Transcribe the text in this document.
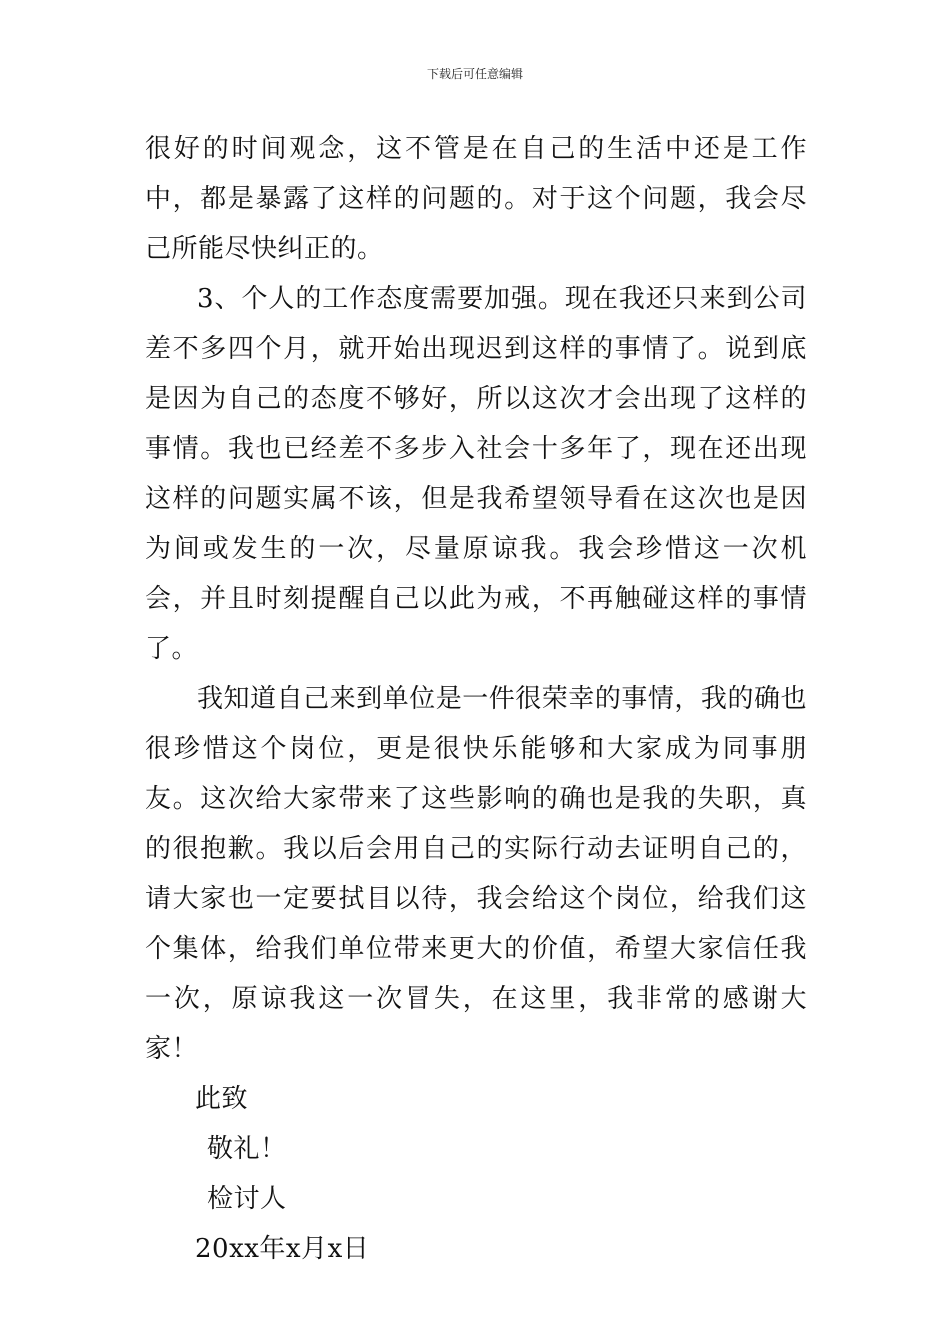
下载后可任意编辑

很好的时间观念，这不管是在自己的生活中还是工作中，都是暴露了这样的问题的。对于这个问题，我会尽己所能尽快纠正的。

3、个人的工作态度需要加强。现在我还只来到公司差不多四个月，就开始出现迟到这样的事情了。说到底是因为自己的态度不够好，所以这次才会出现了这样的事情。我也已经差不多步入社会十多年了，现在还出现这样的问题实属不该，但是我希望领导看在这次也是因为间或发生的一次，尽量原谅我。我会珍惜这一次机会，并且时刻提醒自己以此为戒，不再触碰这样的事情了。

我知道自己来到单位是一件很荣幸的事情，我的确也很珍惜这个岗位，更是很快乐能够和大家成为同事朋友。这次给大家带来了这些影响的确也是我的失职，真的很抱歉。我以后会用自己的实际行动去证明自己的，请大家也一定要拭目以待，我会给这个岗位，给我们这个集体，给我们单位带来更大的价值，希望大家信任我一次，原谅我这一次冒失，在这里，我非常的感谢大家！

此致

敬礼！

检讨人

20xx年x月x日
